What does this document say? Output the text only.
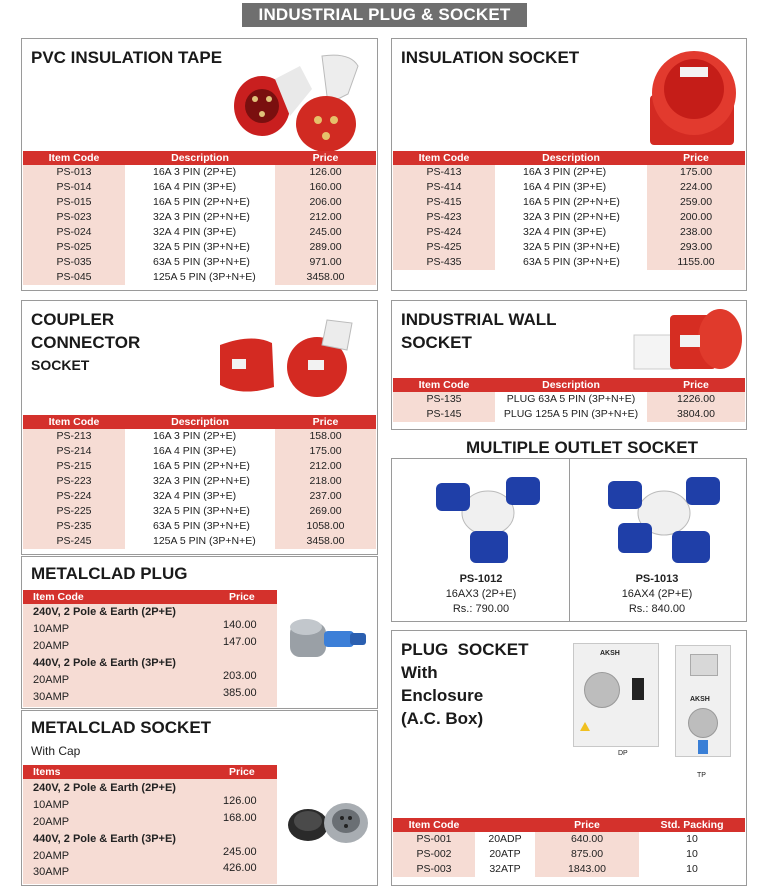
INDUSTRIAL PLUG & SOCKET
PVC INSULATION TAPE
Item Code	Description	Price
PS-013	16A 3 PIN (2P+E)	126.00
PS-014	16A 4 PIN (3P+E)	160.00
PS-015	16A 5 PIN (2P+N+E)	206.00
PS-023	32A 3 PIN (2P+N+E)	212.00
PS-024	32A 4 PIN (3P+E)	245.00
PS-025	32A 5 PIN (3P+N+E)	289.00
PS-035	63A 5 PIN (3P+N+E)	971.00
PS-045	125A 5 PIN (3P+N+E)	3458.00
INSULATION SOCKET
Item Code	Description	Price
PS-413	16A 3 PIN (2P+E)	175.00
PS-414	16A 4 PIN (3P+E)	224.00
PS-415	16A 5 PIN (2P+N+E)	259.00
PS-423	32A 3 PIN (2P+N+E)	200.00
PS-424	32A 4 PIN (3P+E)	238.00
PS-425	32A 5 PIN (3P+N+E)	293.00
PS-435	63A 5 PIN (3P+N+E)	1155.00
COUPLER
CONNECTOR
SOCKET
Item Code	Description	Price
PS-213	16A 3 PIN (2P+E)	158.00
PS-214	16A 4 PIN (3P+E)	175.00
PS-215	16A 5 PIN (2P+N+E)	212.00
PS-223	32A 3 PIN (2P+N+E)	218.00
PS-224	32A 4 PIN (3P+E)	237.00
PS-225	32A 5 PIN (3P+N+E)	269.00
PS-235	63A 5 PIN (3P+N+E)	1058.00
PS-245	125A 5 PIN (3P+N+E)	3458.00
INDUSTRIAL WALL
SOCKET
Item Code	Description	Price
PS-135	PLUG 63A 5 PIN (3P+N+E)	1226.00
PS-145	PLUG 125A 5 PIN (3P+N+E)	3804.00
MULTIPLE OUTLET SOCKET
PS-1012
16AX3 (2P+E)
Rs.: 790.00
PS-1013
16AX4 (2P+E)
Rs.: 840.00
METALCLAD PLUG
Item Code	Price
240V, 2 Pole & Earth (2P+E)
10AMP	140.00
20AMP	147.00
440V, 2 Pole & Earth (3P+E)
20AMP	203.00
30AMP	385.00
METALCLAD SOCKET
With Cap
Items	Price
240V, 2 Pole & Earth (2P+E)
10AMP	126.00
20AMP	168.00
440V, 2 Pole & Earth (3P+E)
20AMP	245.00
30AMP	426.00
PLUG  SOCKET
With
Enclosure
(A.C. Box)
AKSH
DP
AKSH
TP
Item Code		Price	Std. Packing
PS-001	20ADP	640.00	10
PS-002	20ATP	875.00	10
PS-003	32ATP	1843.00	10
